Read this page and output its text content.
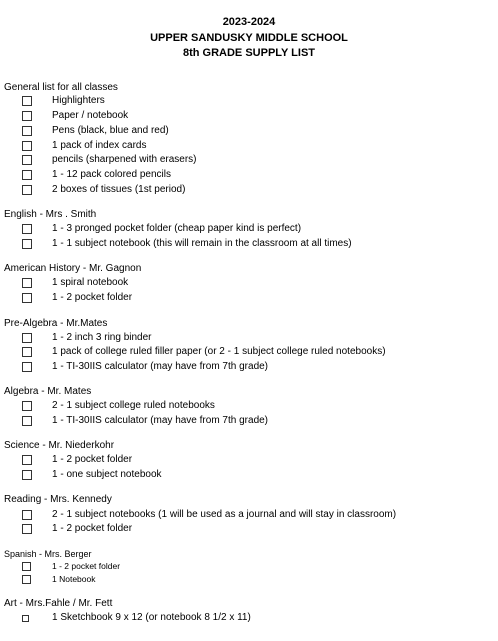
2023-2024
UPPER SANDUSKY MIDDLE SCHOOL
8th GRADE SUPPLY LIST
General list for all classes
Highlighters
Paper / notebook
Pens (black, blue and red)
1 pack of index cards
pencils (sharpened with erasers)
1 - 12 pack colored pencils
2 boxes of tissues (1st period)
English - Mrs . Smith
1 - 3 pronged pocket folder (cheap paper kind is perfect)
1 - 1 subject notebook (this will remain in the classroom at all times)
American History - Mr. Gagnon
1 spiral notebook
1 - 2 pocket folder
Pre-Algebra - Mr.Mates
1 - 2 inch 3 ring binder
1 pack of college ruled filler paper (or 2 - 1 subject college ruled notebooks)
1 - TI-30IIS calculator (may have from 7th grade)
Algebra - Mr. Mates
2 - 1 subject college ruled notebooks
1 - TI-30IIS calculator (may have from 7th grade)
Science - Mr. Niederkohr
1 - 2 pocket folder
1 - one subject notebook
Reading - Mrs. Kennedy
2 - 1 subject notebooks (1 will be used as a journal and will stay in classroom)
1 - 2 pocket folder
Spanish - Mrs. Berger
1 - 2 pocket folder
1 Notebook
Art - Mrs.Fahle / Mr. Fett
1 Sketchbook 9 x 12 (or notebook 8 1/2 x 11)
